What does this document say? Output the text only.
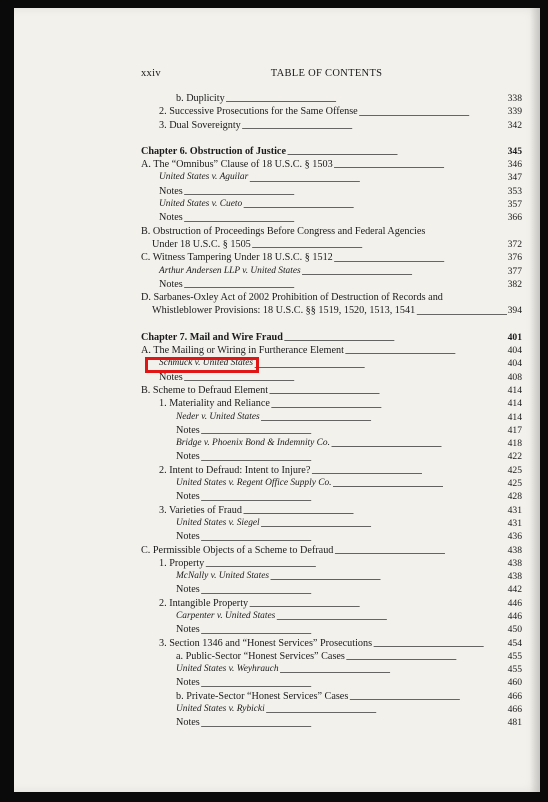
xxiv	TABLE OF CONTENTS
b. Duplicity . . .	338
2. Successive Prosecutions for the Same Offense . . .	339
3. Dual Sovereignty . . .	342
Chapter 6. Obstruction of Justice . . .	345
A. The “Omnibus” Clause of 18 U.S.C. § 1503 . . .	346
United States v. Aguilar . . .	347
Notes . . .	353
United States v. Cueto . . .	357
Notes . . .	366
B. Obstruction of Proceedings Before Congress and Federal Agencies
Under 18 U.S.C. § 1505 . . .	372
C. Witness Tampering Under 18 U.S.C. § 1512 . . .	376
Arthur Andersen LLP v. United States . . .	377
Notes . . .	382
D. Sarbanes-Oxley Act of 2002 Prohibition of Destruction of Records and
Whistleblower Provisions: 18 U.S.C. §§ 1519, 1520, 1513, 1541 . . .	394
Chapter 7. Mail and Wire Fraud . . .	401
A. The Mailing or Wiring in Furtherance Element . . .	404
Schmuck v. United States . . .	404
Notes . . .	408
B. Scheme to Defraud Element . . .	414
1. Materiality and Reliance . . .	414
Neder v. United States . . .	414
Notes . . .	417
Bridge v. Phoenix Bond & Indemnity Co. . . .	418
Notes . . .	422
2. Intent to Defraud: Intent to Injure? . . .	425
United States v. Regent Office Supply Co. . . .	425
Notes . . .	428
3. Varieties of Fraud . . .	431
United States v. Siegel . . .	431
Notes . . .	436
C. Permissible Objects of a Scheme to Defraud . . .	438
1. Property . . .	438
McNally v. United States . . .	438
Notes . . .	442
2. Intangible Property . . .	446
Carpenter v. United States . . .	446
Notes . . .	450
3. Section 1346 and “Honest Services” Prosecutions . . .	454
a. Public-Sector “Honest Services” Cases . . .	455
United States v. Weyhrauch . . .	455
Notes . . .	460
b. Private-Sector “Honest Services” Cases . . .	466
United States v. Rybicki . . .	466
Notes . . .	481
